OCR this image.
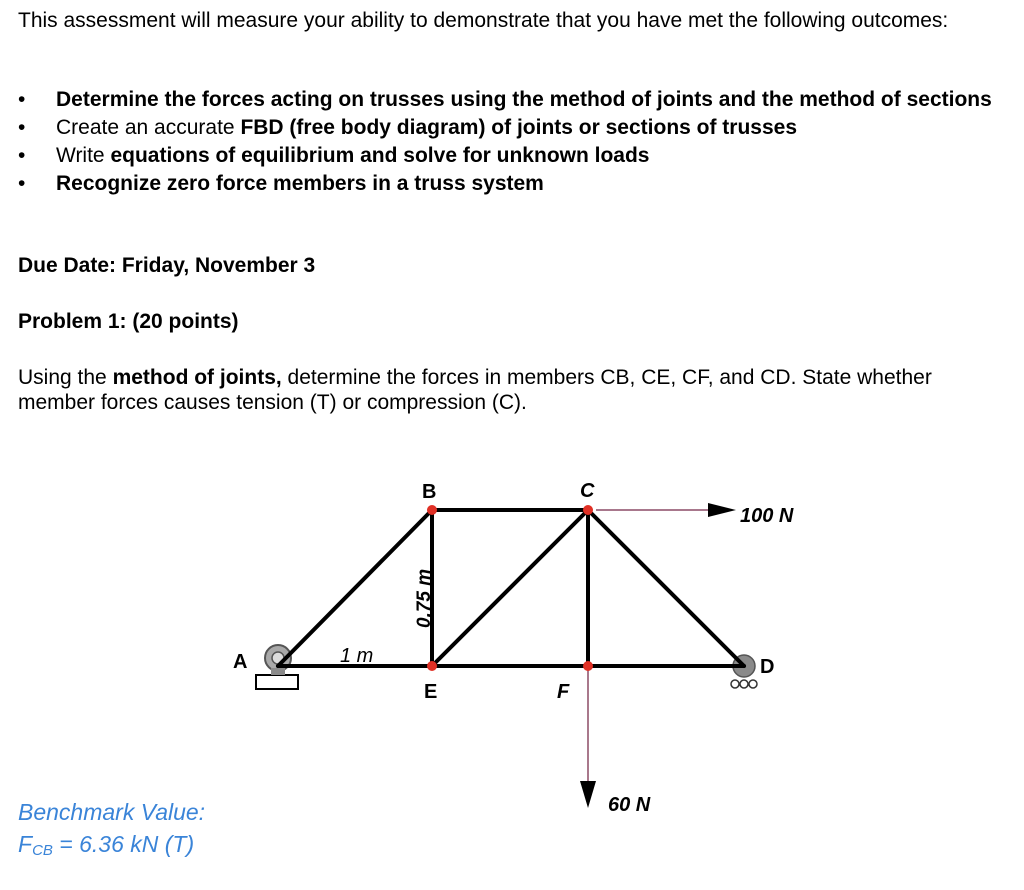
This assessment will measure your ability to demonstrate that you have met the following outcomes:

•	Determine the forces acting on trusses using the method of joints and the method of sections
•	Create an accurate FBD (free body diagram) of joints or sections of trusses
•	Write equations of equilibrium and solve for unknown loads
•	Recognize zero force members in a truss system

Due Date: Friday, November 3

Problem 1: (20 points)

Using the method of joints, determine the forces in members CB, CE, CF, and CD. State whether member forces causes tension (T) or compression (C).

A
B	C
D
E	F
100 N
60 N
0.75 m
1 m
Benchmark Value:
$F_{CB} = 6.36$ kN (T)
